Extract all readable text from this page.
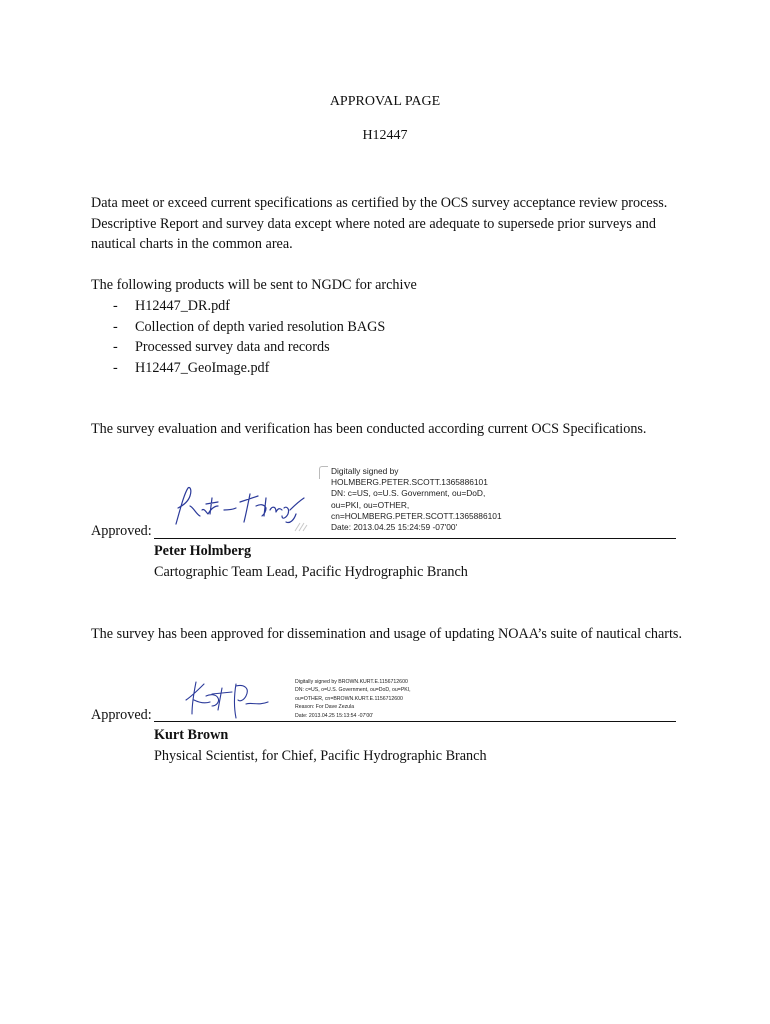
APPROVAL PAGE
H12447
Data meet or exceed current specifications as certified by the OCS survey acceptance review process. Descriptive Report and survey data except where noted are adequate to supersede prior surveys and nautical charts in the common area.
The following products will be sent to NGDC for archive
- H12447_DR.pdf
- Collection of depth varied resolution BAGS
- Processed survey data and records
- H12447_GeoImage.pdf
The survey evaluation and verification has been conducted according current OCS Specifications.
Digitally signed by
HOLMBERG.PETER.SCOTT.1365886101
DN: c=US, o=U.S. Government, ou=DoD,
ou=PKI, ou=OTHER,
cn=HOLMBERG.PETER.SCOTT.1365886101
Date: 2013.04.25 15:24:59 -07'00'
Approved:
Peter Holmberg
Cartographic Team Lead, Pacific Hydrographic Branch
The survey has been approved for dissemination and usage of updating NOAA’s suite of nautical charts.
Digitally signed by BROWN.KURT.E.1156712600
DN: c=US, o=U.S. Government, ou=DoD, ou=PKI,
ou=OTHER, cn=BROWN.KURT.E.1156712600
Reason: For Dave Zezula
Date: 2013.04.25 15:13:54 -07'00'
Approved:
Kurt Brown
Physical Scientist, for Chief, Pacific Hydrographic Branch
